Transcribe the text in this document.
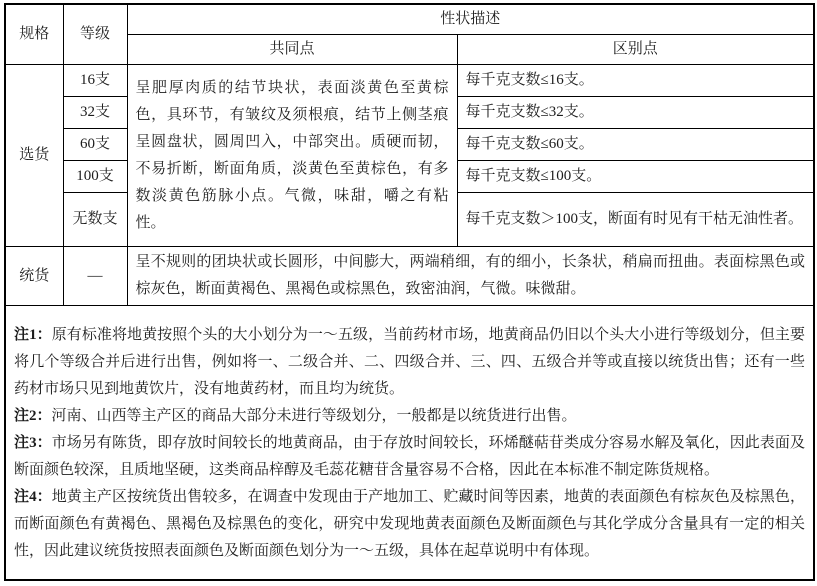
规格	等级	性状描述	
		共同点	区别点
选货	16支	呈肥厚肉质的结节块状，表面淡黄色至黄棕色，具环节，有皱纹及须根痕，结节上侧茎痕呈圆盘状，圆周凹入，中部突出。质硬而韧，不易折断，断面角质，淡黄色至黄棕色，有多数淡黄色筋脉小点。气微，味甜，嚼之有粘性。	每千克支数≤16支。
	32支		每千克支数≤32支。
	60支		每千克支数≤60支。
	100支		每千克支数≤100支。
	无数支		每千克支数＞100支，断面有时见有干枯无油性者。
统货	—	呈不规则的团块状或长圆形，中间膨大，两端稍细，有的细小，长条状，稍扁而扭曲。表面棕黑色或棕灰色，断面黄褐色、黑褐色或棕黑色，致密油润，气微。味微甜。	

注1：原有标准将地黄按照个头的大小划分为一～五级，当前药材市场，地黄商品仍旧以个头大小进行等级划分，但主要将几个等级合并后进行出售，例如将一、二级合并、二、四级合并、三、四、五级合并等或直接以统货出售；还有一些药材市场只见到地黄饮片，没有地黄药材，而且均为统货。

注2：河南、山西等主产区的商品大部分未进行等级划分，一般都是以统货进行出售。

注3：市场另有陈货，即存放时间较长的地黄商品，由于存放时间较长，环烯醚萜苷类成分容易水解及氧化，因此表面及断面颜色较深，且质地坚硬，这类商品梓醇及毛蕊花糖苷含量容易不合格，因此在本标准不制定陈货规格。

注4：地黄主产区按统货出售较多，在调查中发现由于产地加工、贮藏时间等因素，地黄的表面颜色有棕灰色及棕黑色，而断面颜色有黄褐色、黑褐色及棕黑色的变化，研究中发现地黄表面颜色及断面颜色与其化学成分含量具有一定的相关性，因此建议统货按照表面颜色及断面颜色划分为一～五级，具体在起草说明中有体现。			
